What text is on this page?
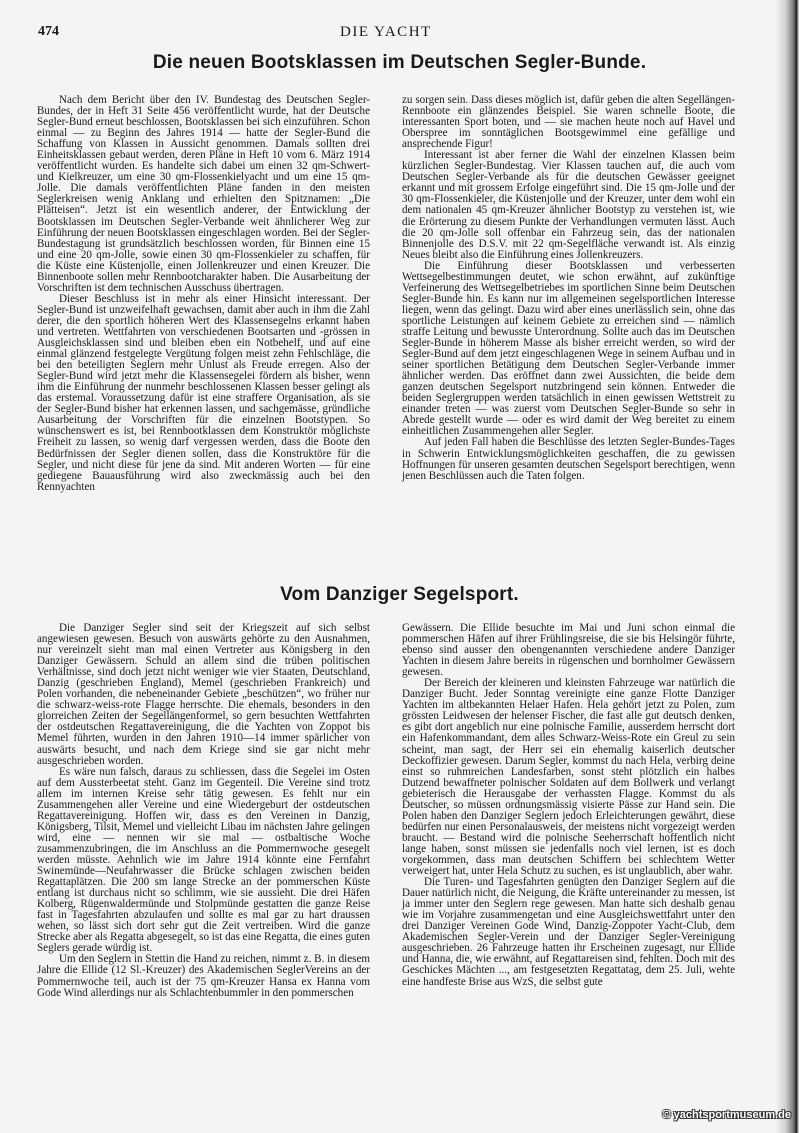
474	DIE YACHT
Die neuen Bootsklassen im Deutschen Segler-Bunde.

Nach dem Bericht über den IV. Bundestag des Deutschen Segler-Bundes, der in Heft 31 Seite 456 veröffentlicht wurde, hat der Deutsche Segler-Bund erneut beschlossen, Bootsklassen bei sich einzuführen. Schon einmal — zu Beginn des Jahres 1914 — hatte der Segler-Bund die Schaffung von Klassen in Aussicht genommen. Damals sollten drei Einheitsklassen gebaut werden, deren Pläne in Heft 10 vom 6. März 1914 veröffentlicht wurden. Es handelte sich dabei um einen 32 qm-Schwert- und Kielkreuzer, um eine 30 qm-Flossenkielyacht und um eine 15 qm-Jolle. Die damals veröffentlichten Pläne fanden in den meisten Seglerkreisen wenig Anklang und erhielten den Spitznamen: „Die Plätteisen“. Jetzt ist ein wesentlich anderer, der Entwicklung der Bootsklassen im Deutschen Segler-Verbande weit ähnlicherer Weg zur Einführung der neuen Bootsklassen eingeschlagen worden. Bei der Segler-Bundestagung ist grundsätzlich beschlossen worden, für Binnen eine 15 und eine 20 qm-Jolle, sowie einen 30 qm-Flossenkieler zu schaffen, für die Küste eine Küstenjolle, einen Jollenkreuzer und einen Kreuzer. Die Binnenboote sollen mehr Rennbootcharakter haben. Die Ausarbeitung der Vorschriften ist dem technischen Ausschuss übertragen.

Dieser Beschluss ist in mehr als einer Hinsicht interessant. Der Segler-Bund ist unzweifelhaft gewachsen, damit aber auch in ihm die Zahl derer, die den sportlich höheren Wert des Klassensegelns erkannt haben und vertreten. Wettfahrten von verschiedenen Bootsarten und -grössen in Ausgleichsklassen sind und bleiben eben ein Notbehelf, und auf eine einmal glänzend festgelegte Vergütung folgen meist zehn Fehlschläge, die bei den beteiligten Seglern mehr Unlust als Freude erregen. Also der Segler-Bund wird jetzt mehr die Klassensegelei fördern als bisher, wenn ihm die Einführung der nunmehr beschlossenen Klassen besser gelingt als das erstemal. Voraussetzung dafür ist eine straffere Organisation, als sie der Segler-Bund bisher hat erkennen lassen, und sachgemässe, gründliche Ausarbeitung der Vorschriften für die einzelnen Bootstypen. So wünschenswert es ist, bei Rennbootklassen dem Konstruktör möglichste Freiheit zu lassen, so wenig darf vergessen werden, dass die Boote den Bedürfnissen der Segler dienen sollen, dass die Konstruktöre für die Segler, und nicht diese für jene da sind. Mit anderen Worten — für eine gediegene Bauausführung wird also zweckmässig auch bei den Rennyachten

zu sorgen sein. Dass dieses möglich ist, dafür geben die alten Segellängen-Rennboote ein glänzendes Beispiel. Sie waren schnelle Boote, die interessanten Sport boten, und — sie machen heute noch auf Havel und Oberspree im sonntäglichen Bootsgewimmel eine gefällige und ansprechende Figur!

Interessant ist aber ferner die Wahl der einzelnen Klassen beim kürzlichen Segler-Bundestag. Vier Klassen tauchen auf, die auch vom Deutschen Segler-Verbande als für die deutschen Gewässer geeignet erkannt und mit grossem Erfolge eingeführt sind. Die 15 qm-Jolle und der 30 qm-Flossenkieler, die Küstenjolle und der Kreuzer, unter dem wohl ein dem nationalen 45 qm-Kreuzer ähnlicher Bootstyp zu verstehen ist, wie die Erörterung zu diesem Punkte der Verhandlungen vermuten lässt. Auch die 20 qm-Jolle soll offenbar ein Fahrzeug sein, das der nationalen Binnenjolle des D.S.V. mit 22 qm-Segelfläche verwandt ist. Als einzig Neues bleibt also die Einführung eines Jollenkreuzers.

Die Einführung dieser Bootsklassen und verbesserten Wettsegelbestimmungen deutet, wie schon erwähnt, auf zukünftige Verfeinerung des Wettsegelbetriebes im sportlichen Sinne beim Deutschen Segler-Bunde hin. Es kann nur im allgemeinen segelsportlichen Interesse liegen, wenn das gelingt. Dazu wird aber eines unerlässlich sein, ohne das sportliche Leistungen auf keinem Gebiete zu erreichen sind — nämlich straffe Leitung und bewusste Unterordnung. Sollte auch das im Deutschen Segler-Bunde in höherem Masse als bisher erreicht werden, so wird der Segler-Bund auf dem jetzt eingeschlagenen Wege in seinem Aufbau und in seiner sportlichen Betätigung dem Deutschen Segler-Verbande immer ähnlicher werden. Das eröffnet dann zwei Aussichten, die beide dem ganzen deutschen Segelsport nutzbringend sein können. Entweder die beiden Seglergruppen werden tatsächlich in einen gewissen Wettstreit zu einander treten — was zuerst vom Deutschen Segler-Bunde so sehr in Abrede gestellt wurde — oder es wird damit der Weg bereitet zu einem einheitlichen Zusammengehen aller Segler.

Auf jeden Fall haben die Beschlüsse des letzten Segler-Bundes-Tages in Schwerin Entwicklungsmöglichkeiten geschaffen, die zu gewissen Hoffnungen für unseren gesamten deutschen Segelsport berechtigen, wenn jenen Beschlüssen auch die Taten folgen.

Vom Danziger Segelsport.

Die Danziger Segler sind seit der Kriegszeit auf sich selbst angewiesen gewesen. Besuch von auswärts gehörte zu den Ausnahmen, nur vereinzelt sieht man mal einen Vertreter aus Königsberg in den Danziger Gewässern. Schuld an allem sind die trüben politischen Verhältnisse, sind doch jetzt nicht weniger wie vier Staaten, Deutschland, Danzig (geschrieben England), Memel (geschrieben Frankreich) und Polen vorhanden, die nebeneinander Gebiete „beschützen“, wo früher nur die schwarz-weiss-rote Flagge herrschte. Die ehemals, besonders in den glorreichen Zeiten der Segellängenformel, so gern besuchten Wettfahrten der ostdeutschen Regattavereinigung, die die Yachten von Zoppot bis Memel führten, wurden in den Jahren 1910—14 immer spärlicher von auswärts besucht, und nach dem Kriege sind sie gar nicht mehr ausgeschrieben worden.

Es wäre nun falsch, daraus zu schliessen, dass die Segelei im Osten auf dem Aussterbeetat steht. Ganz im Gegenteil. Die Vereine sind trotz allem im internen Kreise sehr tätig gewesen. Es fehlt nur ein Zusammengehen aller Vereine und eine Wiedergeburt der ostdeutschen Regattavereinigung. Hoffen wir, dass es den Vereinen in Danzig, Königsberg, Tilsit, Memel und vielleicht Libau im nächsten Jahre gelingen wird, eine — nennen wir sie mal — ostbaltische Woche zusammenzubringen, die im Anschluss an die Pommernwoche gesegelt werden müsste. Aehnlich wie im Jahre 1914 könnte eine Fernfahrt Swinemünde—Neufahrwasser die Brücke schlagen zwischen beiden Regattaplätzen. Die 200 sm lange Strecke an der pommerschen Küste entlang ist durchaus nicht so schlimm, wie sie aussieht. Die drei Häfen Kolberg, Rügenwaldermünde und Stolpmünde gestatten die ganze Reise fast in Tagesfahrten abzulaufen und sollte es mal gar zu hart draussen wehen, so lässt sich dort sehr gut die Zeit vertreiben. Wird die ganze Strecke aber als Regatta abgesegelt, so ist das eine Regatta, die eines guten Seglers gerade würdig ist.

Um den Seglern in Stettin die Hand zu reichen, nimmt z. B. in diesem Jahre die Ellide (12 Sl.-Kreuzer) des Akademischen SeglerVereins an der Pommernwoche teil, auch ist der 75 qm-Kreuzer Hansa ex Hanna vom Gode Wind allerdings nur als Schlachtenbummler in den pommerschen

Gewässern. Die Ellide besuchte im Mai und Juni schon einmal die pommerschen Häfen auf ihrer Frühlingsreise, die sie bis Helsingör führte, ebenso sind ausser den obengenannten verschiedene andere Danziger Yachten in diesem Jahre bereits in rügenschen und bornholmer Gewässern gewesen.

Der Bereich der kleineren und kleinsten Fahrzeuge war natürlich die Danziger Bucht. Jeder Sonntag vereinigte eine ganze Flotte Danziger Yachten im altbekannten Helaer Hafen. Hela gehört jetzt zu Polen, zum grössten Leidwesen der helenser Fischer, die fast alle gut deutsch denken, es gibt dort angeblich nur eine polnische Familie, ausserdem herrscht dort ein Hafenkommandant, dem alles Schwarz-Weiss-Rote ein Greul zu sein scheint, man sagt, der Herr sei ein ehemalig kaiserlich deutscher Deckoffizier gewesen. Darum Segler, kommst du nach Hela, verbirg deine einst so ruhmreichen Landesfarben, sonst steht plötzlich ein halbes Dutzend bewaffneter polnischer Soldaten auf dem Bollwerk und verlangt gebieterisch die Herausgabe der verhassten Flagge. Kommst du als Deutscher, so müssen ordnungsmässig visierte Pässe zur Hand sein. Die Polen haben den Danziger Seglern jedoch Erleichterungen gewährt, diese bedürfen nur einen Personalausweis, der meistens nicht vorgezeigt werden braucht. — Bestand wird die polnische Seeherrschaft hoffentlich nicht lange haben, sonst müssen sie jedenfalls noch viel lernen, ist es doch vorgekommen, dass man deutschen Schiffern bei schlechtem Wetter verweigert hat, unter Hela Schutz zu suchen, es ist unglaublich, aber wahr.

Die Turen- und Tagesfahrten genügten den Danziger Seglern auf die Dauer natürlich nicht, die Neigung, die Kräfte untereinander zu messen, ist ja immer unter den Seglern rege gewesen. Man hatte sich deshalb genau wie im Vorjahre zusammengetan und eine Ausgleichswettfahrt unter den drei Danziger Vereinen Gode Wind, Danzig-Zoppoter Yacht-Club, dem Akademischen Segler-Verein und der Danziger Segler-Vereinigung ausgeschrieben. 26 Fahrzeuge hatten ihr Erscheinen zugesagt, nur Ellide und Hanna, die, wie erwähnt, auf Regattareisen sind, fehlten. Doch mit des Geschickes Mächten ..., am festgesetzten Regattatag, dem 25. Juli, wehte eine handfeste Brise aus WzS, die selbst gute

© yachtsportmuseum.de
